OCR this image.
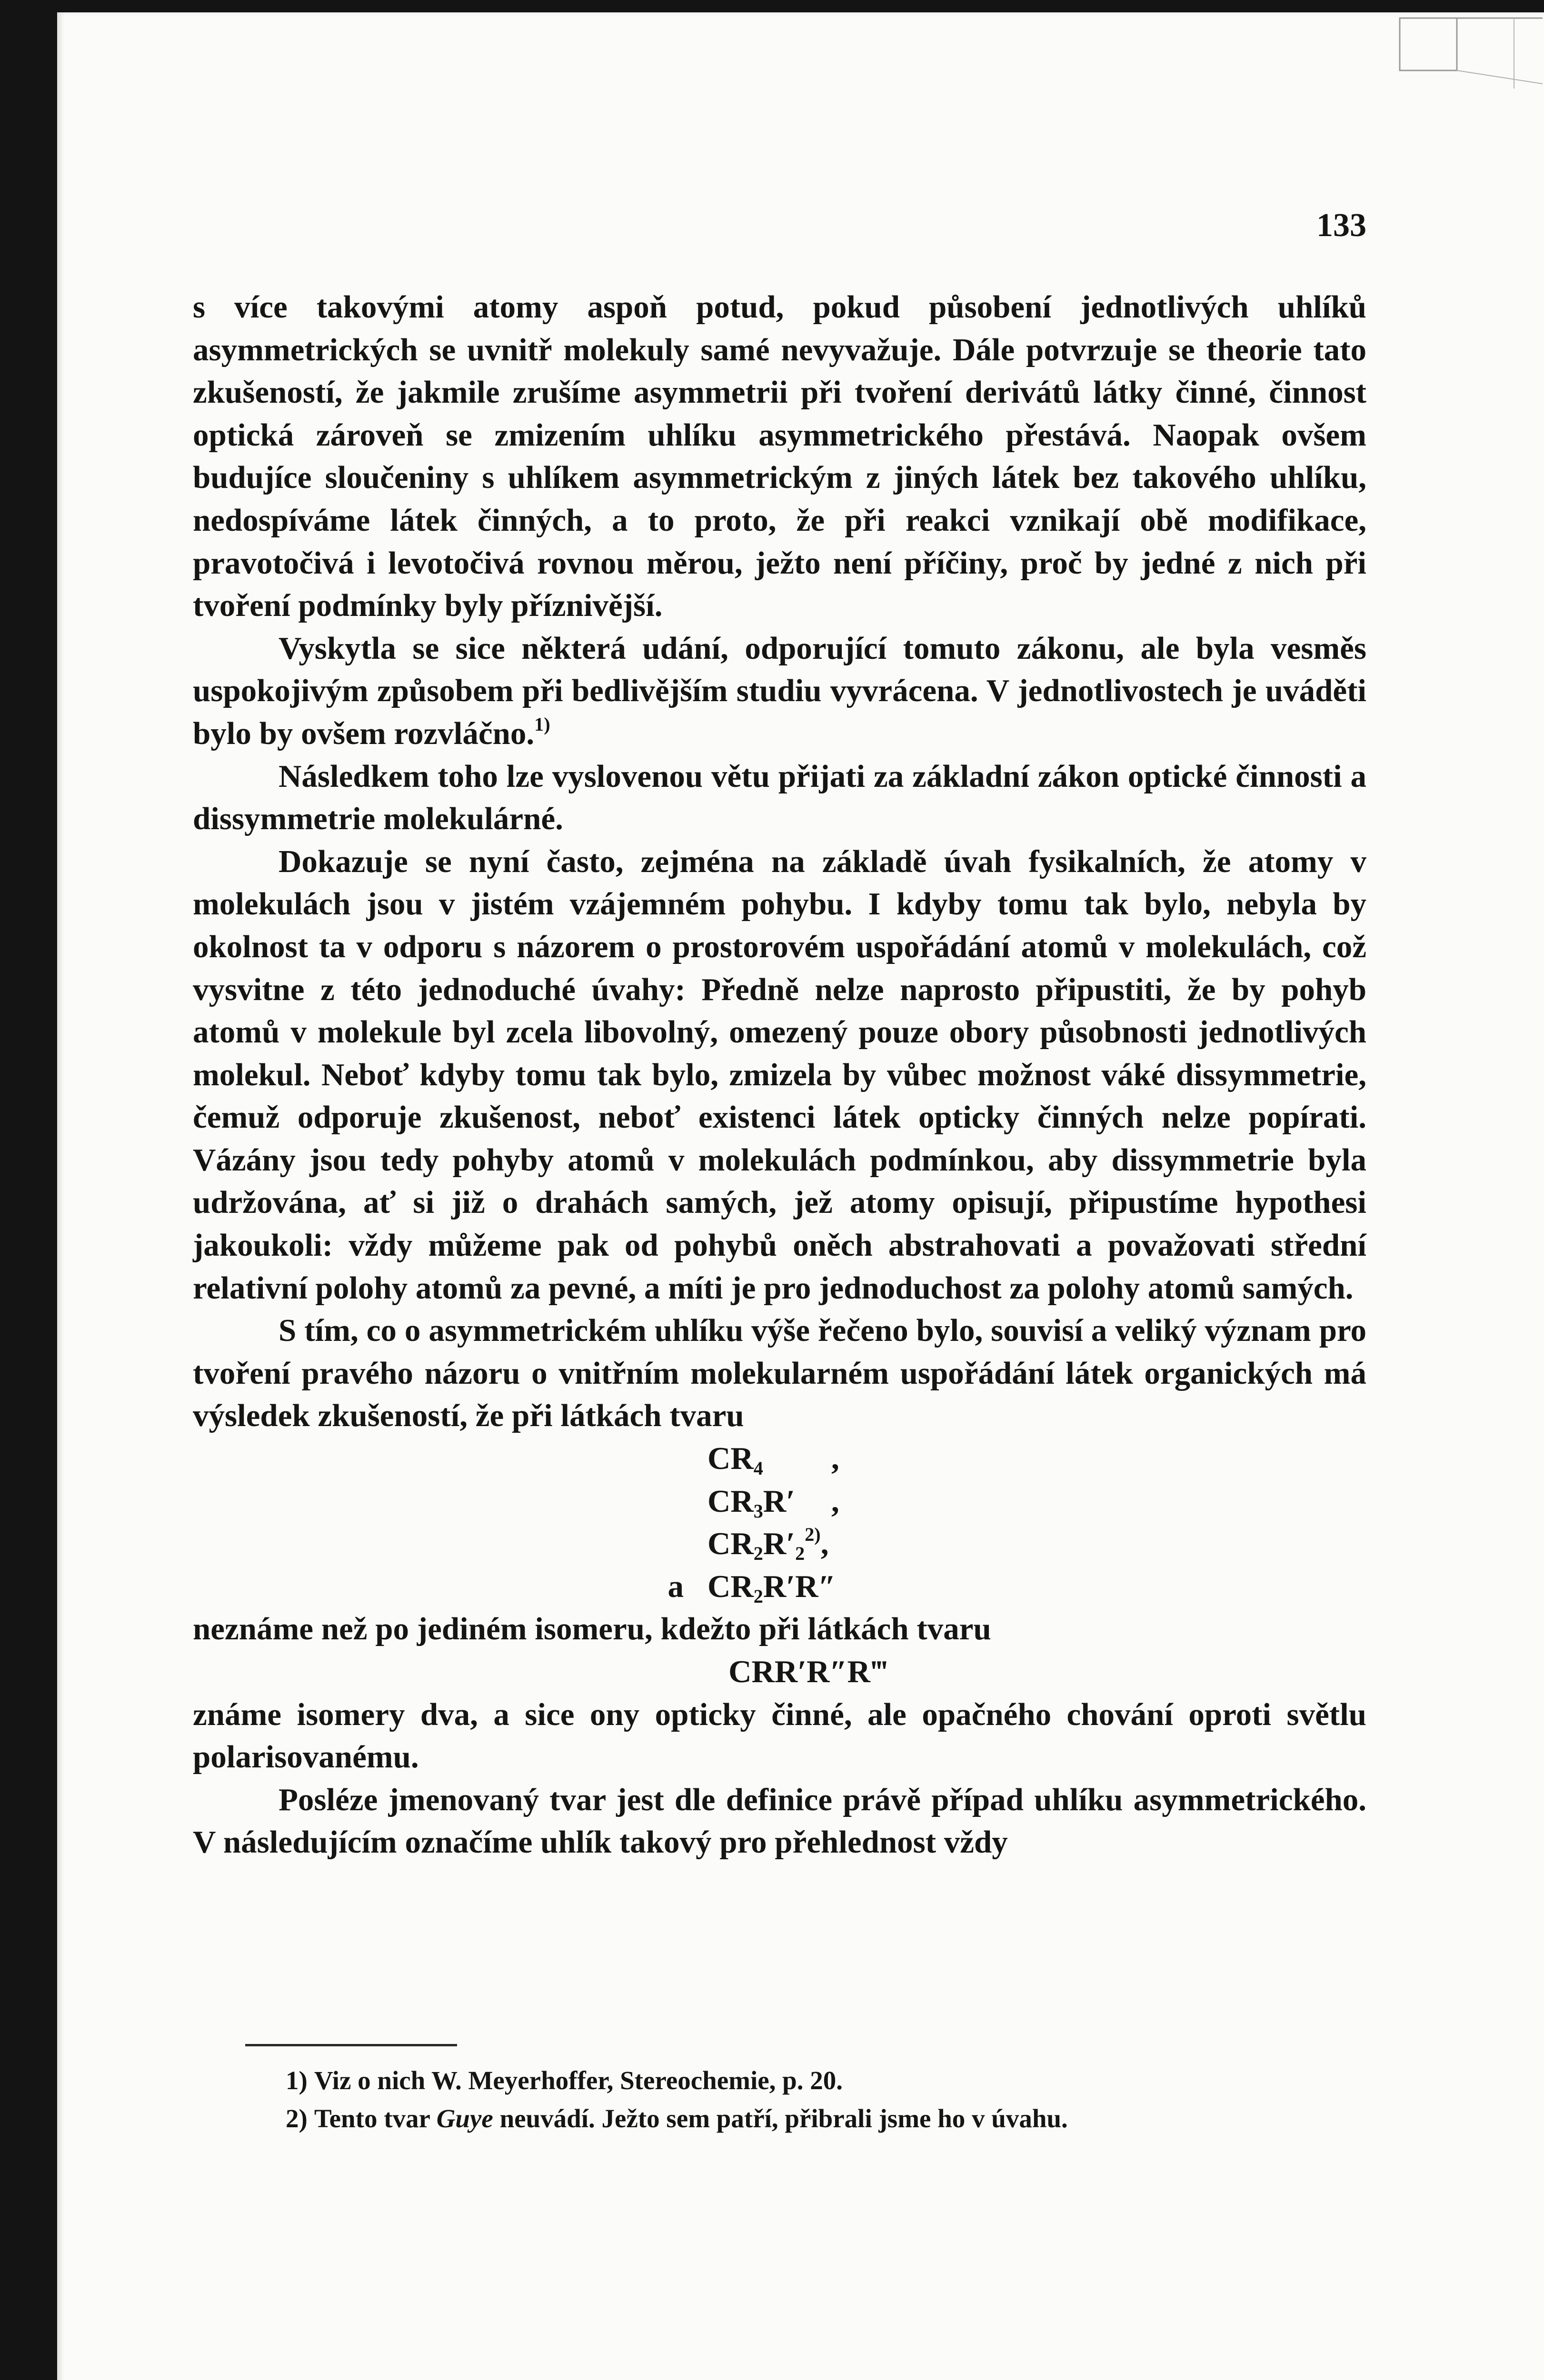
133

s více takovými atomy aspoň potud, pokud působení jednotlivých uhlíků asymmetrických se uvnitř molekuly samé nevyvažuje. Dále potvrzuje se theorie tato zkušeností, že jakmile zrušíme asymmetrii při tvoření derivátů látky činné, činnost optická zároveň se zmizením uhlíku asymmetrického přestává. Naopak ovšem budujíce sloučeniny s uhlíkem asymmetrickým z jiných látek bez takového uhlíku, nedospíváme látek činných, a to proto, že při reakci vznikají obě modifikace, pravotočivá i levotočivá rovnou měrou, ježto není příčiny, proč by jedné z nich při tvoření podmínky byly příznivější.

Vyskytla se sice některá udání, odporující tomuto zákonu, ale byla vesměs uspokojivým způsobem při bedlivějším studiu vyvrácena. V jednotlivostech je uváděti bylo by ovšem rozvláčno.$^{1)}$

Následkem toho lze vyslovenou větu přijati za základní zákon optické činnosti a dissymmetrie molekulárné.

Dokazuje se nyní často, zejména na základě úvah fysikalních, že atomy v molekulách jsou v jistém vzájemném pohybu. I kdyby tomu tak bylo, nebyla by okolnost ta v odporu s názorem o prostorovém uspořádání atomů v molekulách, což vysvitne z této jednoduché úvahy: Předně nelze naprosto připustiti, že by pohyb atomů v molekule byl zcela libovolný, omezený pouze obory působnosti jednotlivých molekul. Neboť kdyby tomu tak bylo, zmizela by vůbec možnost váké dissymmetrie, čemuž odporuje zkušenost, neboť existenci látek opticky činných nelze popírati. Vázány jsou tedy pohyby atomů v molekulách podmínkou, aby dissymmetrie byla udržována, ať si již o drahách samých, jež atomy opisují, připustíme hypothesi jakoukoli: vždy můžeme pak od pohybů oněch abstrahovati a považovati střední relativní polohy atomů za pevné, a míti je pro jednoduchost za polohy atomů samých.

S tím, co o asymmetrickém uhlíku výše řečeno bylo, souvisí a veliký význam pro tvoření pravého názoru o vnitřním molekularném uspořádání látek organických má výsledek zkušeností, že při látkách tvaru

$CR_4$	,
$CR_3R'$	,
$CR_2R'_2^{2)}$,
a $CR_2R'R''$

neznáme než po jediném isomeru, kdežto při látkách tvaru

CRR′R″R‴

známe isomery dva, a sice ony opticky činné, ale opačného chování oproti světlu polarisovanému.

Posléze jmenovaný tvar jest dle definice právě případ uhlíku asymmetrického. V následujícím označíme uhlík takový pro přehlednost vždy

1) Viz o nich W. Meyerhoffer, Stereochemie, p. 20.

2) Tento tvar Guye neuvádí. Ježto sem patří, přibrali jsme ho v úvahu.
